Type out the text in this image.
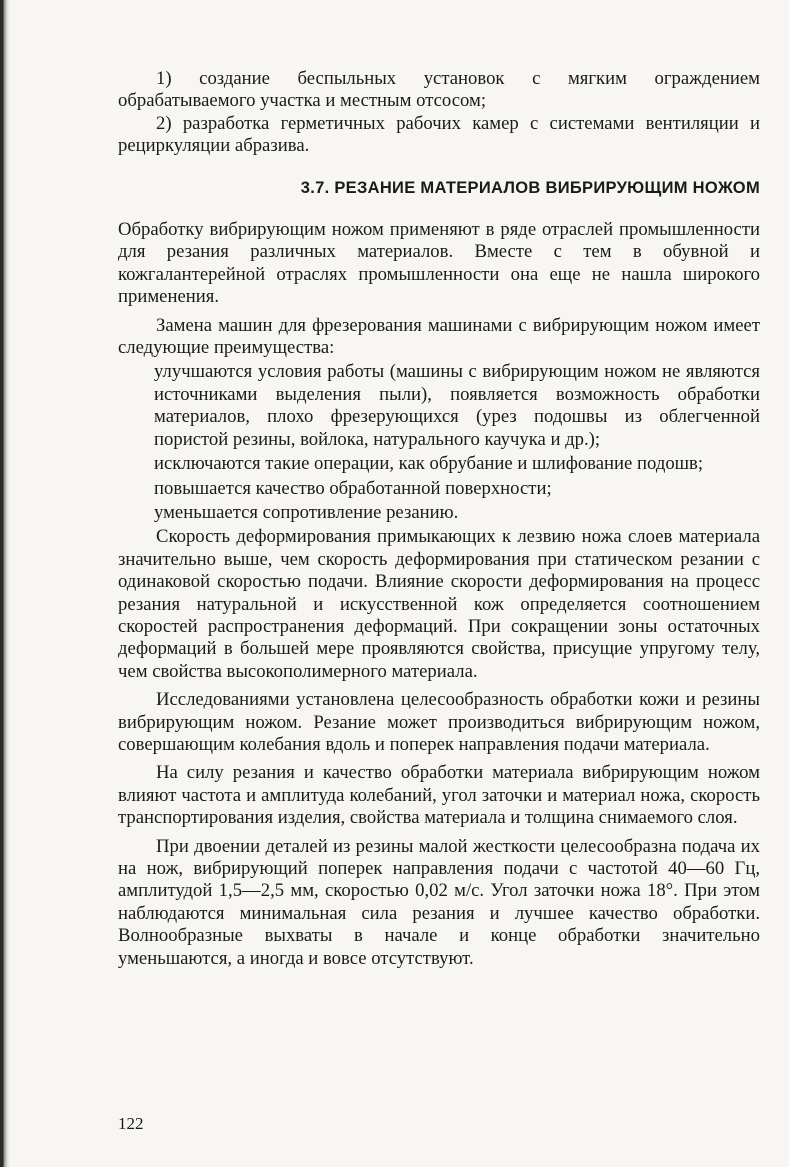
1) создание беспыльных установок с мягким ограждением обрабатываемого участка и местным отсосом;

2) разработка герметичных рабочих камер с системами вентиляции и рециркуляции абразива.

3.7. РЕЗАНИЕ МАТЕРИАЛОВ ВИБРИРУЮЩИМ НОЖОМ

Обработку вибрирующим ножом применяют в ряде отраслей промышленности для резания различных материалов. Вместе с тем в обувной и кожгалантерейной отраслях промышленности она еще не нашла широкого применения.

Замена машин для фрезерования машинами с вибрирующим ножом имеет следующие преимущества:

улучшаются условия работы (машины с вибрирующим ножом не являются источниками выделения пыли), появляется возможность обработки материалов, плохо фрезерующихся (урез подошвы из облегченной пористой резины, войлока, натурального каучука и др.);

исключаются такие операции, как обрубание и шлифование подошв;

повышается качество обработанной поверхности;

уменьшается сопротивление резанию.

Скорость деформирования примыкающих к лезвию ножа слоев материала значительно выше, чем скорость деформирования при статическом резании с одинаковой скоростью подачи. Влияние скорости деформирования на процесс резания натуральной и искусственной кож определяется соотношением скоростей распространения деформаций. При сокращении зоны остаточных деформаций в большей мере проявляются свойства, присущие упругому телу, чем свойства высокополимерного материала.

Исследованиями установлена целесообразность обработки кожи и резины вибрирующим ножом. Резание может производиться вибрирующим ножом, совершающим колебания вдоль и поперек направления подачи материала.

На силу резания и качество обработки материала вибрирующим ножом влияют частота и амплитуда колебаний, угол заточки и материал ножа, скорость транспортирования изделия, свойства материала и толщина снимаемого слоя.

При двоении деталей из резины малой жесткости целесообразна подача их на нож, вибрирующий поперек направления подачи с частотой 40—60 Гц, амплитудой 1,5—2,5 мм, скоростью 0,02 м/с. Угол заточки ножа 18°. При этом наблюдаются минимальная сила резания и лучшее качество обработки. Волнообразные выхваты в начале и конце обработки значительно уменьшаются, а иногда и вовсе отсутствуют.

122
